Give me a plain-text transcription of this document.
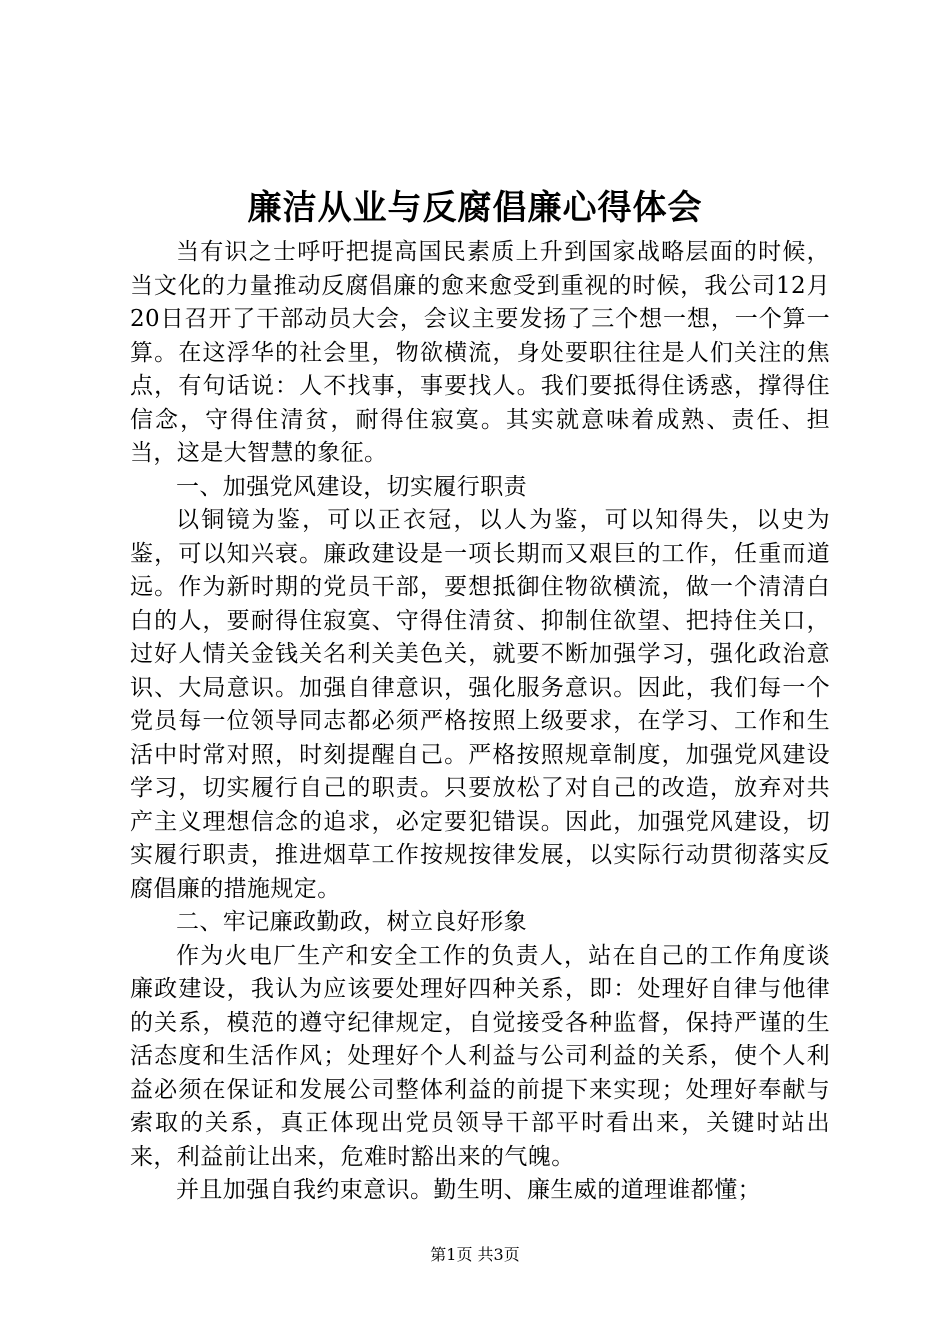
廉洁从业与反腐倡廉心得体会

当有识之士呼吁把提高国民素质上升到国家战略层面的时候，当文化的力量推动反腐倡廉的愈来愈受到重视的时候，我公司12月20日召开了干部动员大会，会议主要发扬了三个想一想，一个算一算。在这浮华的社会里，物欲横流，身处要职往往是人们关注的焦点，有句话说：人不找事，事要找人。我们要抵得住诱惑，撑得住信念，守得住清贫，耐得住寂寞。其实就意味着成熟、责任、担当，这是大智慧的象征。

一、加强党风建设，切实履行职责

以铜镜为鉴，可以正衣冠，以人为鉴，可以知得失，以史为鉴，可以知兴衰。廉政建设是一项长期而又艰巨的工作，任重而道远。作为新时期的党员干部，要想抵御住物欲横流，做一个清清白白的人，要耐得住寂寞、守得住清贫、抑制住欲望、把持住关口，过好人情关金钱关名利关美色关，就要不断加强学习，强化政治意识、大局意识。加强自律意识，强化服务意识。因此，我们每一个党员每一位领导同志都必须严格按照上级要求，在学习、工作和生活中时常对照，时刻提醒自己。严格按照规章制度，加强党风建设学习，切实履行自己的职责。只要放松了对自己的改造，放弃对共产主义理想信念的追求，必定要犯错误。因此，加强党风建设，切实履行职责，推进烟草工作按规按律发展，以实际行动贯彻落实反腐倡廉的措施规定。

二、牢记廉政勤政，树立良好形象

作为火电厂生产和安全工作的负责人，站在自己的工作角度谈廉政建设，我认为应该要处理好四种关系，即：处理好自律与他律的关系，模范的遵守纪律规定，自觉接受各种监督，保持严谨的生活态度和生活作风；处理好个人利益与公司利益的关系，使个人利益必须在保证和发展公司整体利益的前提下来实现；处理好奉献与索取的关系，真正体现出党员领导干部平时看出来，关键时站出来，利益前让出来，危难时豁出来的气魄。

并且加强自我约束意识。勤生明、廉生威的道理谁都懂；

第1页 共3页
